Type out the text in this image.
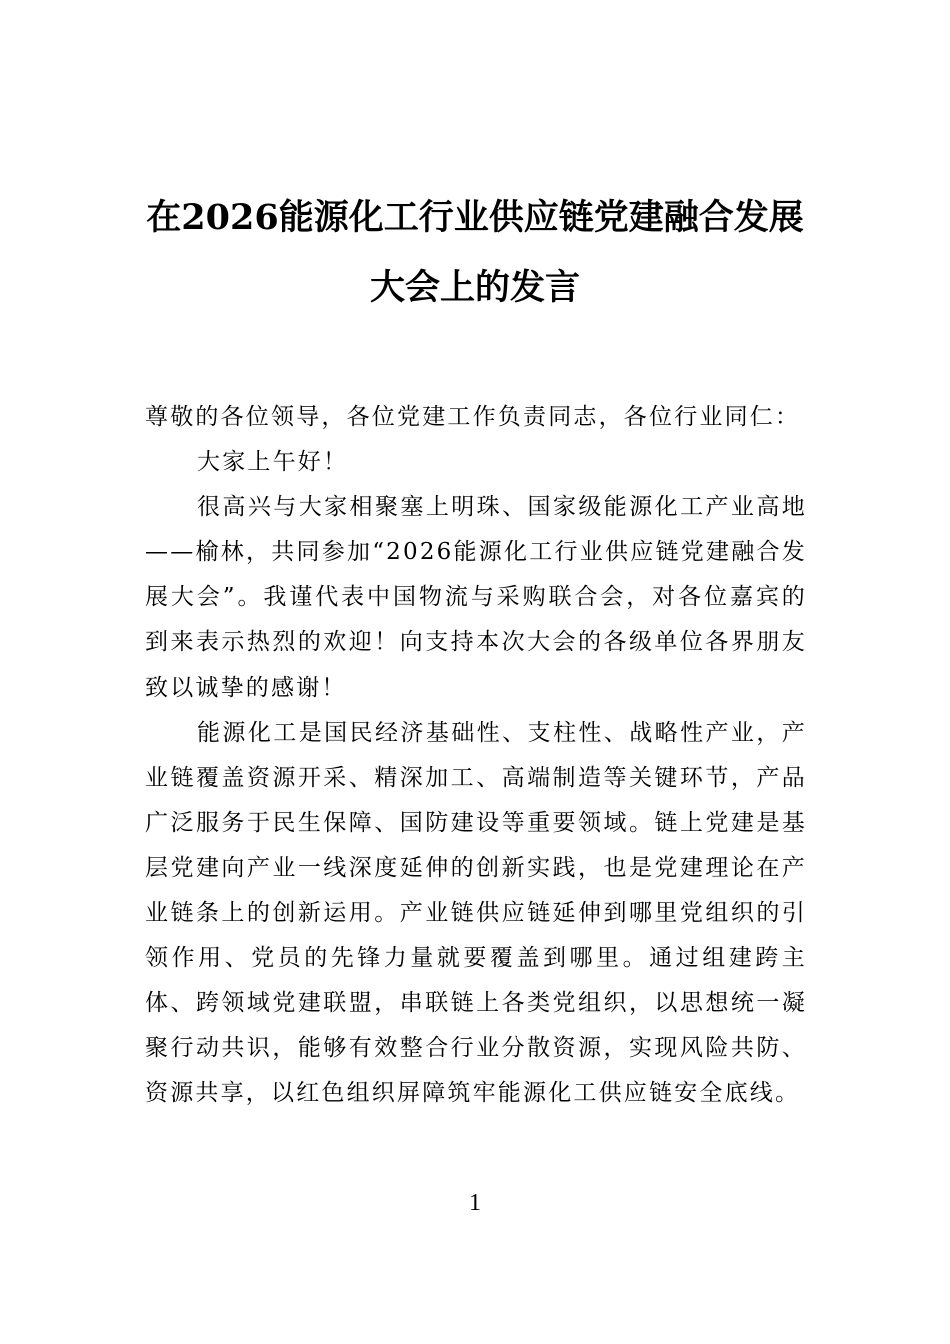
在2026能源化工行业供应链党建融合发展
大会上的发言

尊敬的各位领导，各位党建工作负责同志，各位行业同仁：

大家上午好！

很高兴与大家相聚塞上明珠、国家级能源化工产业高地——榆林，共同参加“2026能源化工行业供应链党建融合发展大会”。我谨代表中国物流与采购联合会，对各位嘉宾的到来表示热烈的欢迎！向支持本次大会的各级单位各界朋友致以诚挚的感谢！

能源化工是国民经济基础性、支柱性、战略性产业，产业链覆盖资源开采、精深加工、高端制造等关键环节，产品广泛服务于民生保障、国防建设等重要领域。链上党建是基层党建向产业一线深度延伸的创新实践，也是党建理论在产业链条上的创新运用。产业链供应链延伸到哪里党组织的引领作用、党员的先锋力量就要覆盖到哪里。通过组建跨主体、跨领域党建联盟，串联链上各类党组织，以思想统一凝聚行动共识，能够有效整合行业分散资源，实现风险共防、资源共享，以红色组织屏障筑牢能源化工供应链安全底线。

1
